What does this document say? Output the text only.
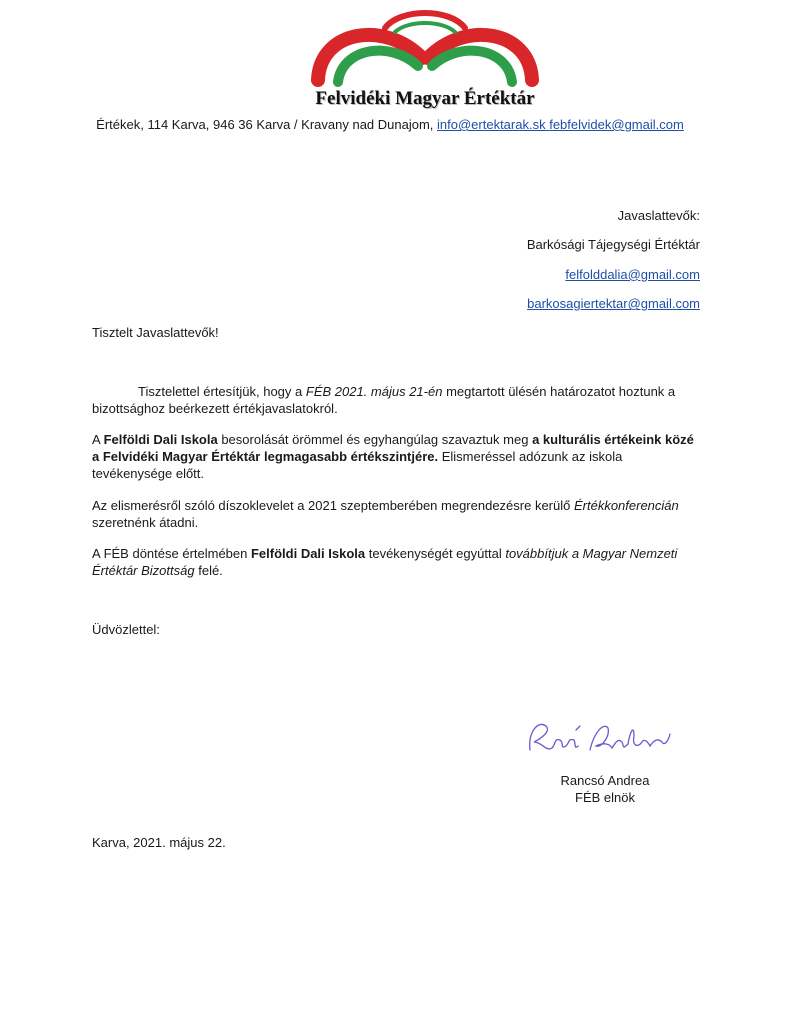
Felvidéki Magyar Értéktár
Értékek, 114 Karva, 946 36 Karva / Kravany nad Dunajom, info@ertektarak.sk febfelvidek@gmail.com
Javaslattevők:
Barkósági Tájegységi Értéktár
felfolddalia@gmail.com
barkosagiertektar@gmail.com

Tisztelt Javaslattevők!

Tisztelettel értesítjük, hogy a FÉB 2021. május 21-én megtartott ülésén határozatot hoztunk a bizottsághoz beérkezett értékjavaslatokról.

A Felföldi Dali Iskola besorolását örömmel és egyhangúlag szavaztuk meg a kulturális értékeink közé a Felvidéki Magyar Értéktár legmagasabb értékszintjére. Elismeréssel adózunk az iskola tevékenysége előtt.

Az elismerésről szóló díszoklevelet a 2021 szeptemberében megrendezésre kerülő Értékkonferencián szeretnénk átadni.

A FÉB döntése értelmében Felföldi Dali Iskola tevékenységét egyúttal továbbítjuk a Magyar Nemzeti Értéktár Bizottság felé.

Üdvözlettel:
Rancsó Andrea
FÉB elnök
Karva, 2021. május 22.
